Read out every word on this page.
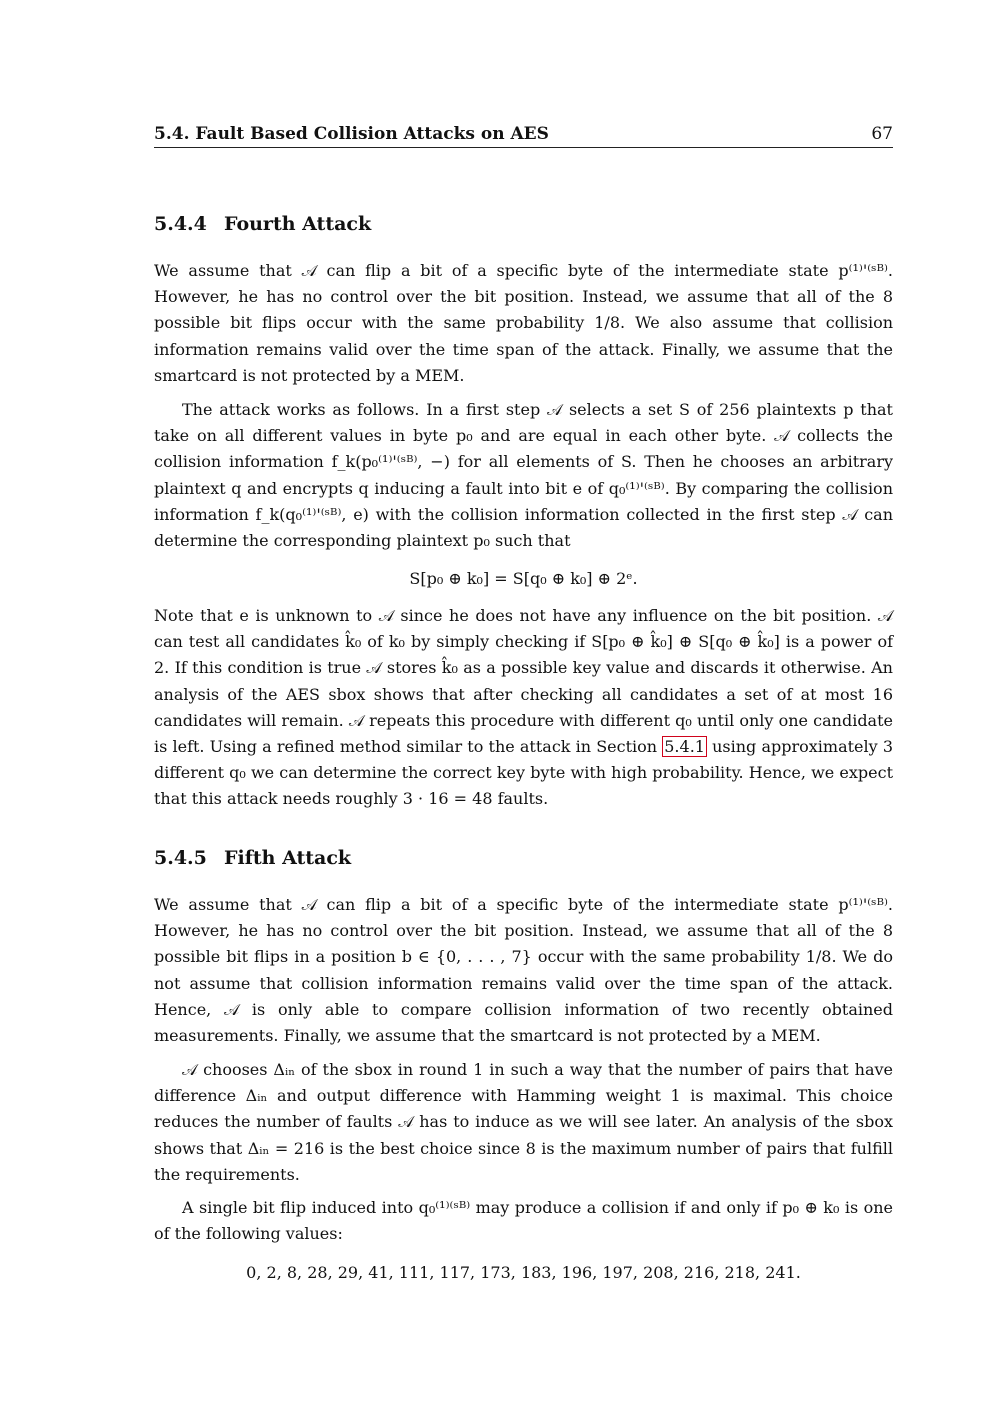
5.4. Fault Based Collision Attacks on AES	67
5.4.4 Fourth Attack

We assume that 𝒜 can flip a bit of a specific byte of the intermediate state p⁽¹⁾'⁽ˢᴮ⁾. However, he has no control over the bit position. Instead, we assume that all of the 8 possible bit flips occur with the same probability 1/8. We also assume that collision information remains valid over the time span of the attack. Finally, we assume that the smartcard is not protected by a MEM.

The attack works as follows. In a first step 𝒜 selects a set S of 256 plaintexts p that take on all different values in byte p₀ and are equal in each other byte. 𝒜 collects the collision information f_k(p₀⁽¹⁾'⁽ˢᴮ⁾, −) for all elements of S. Then he chooses an arbitrary plaintext q and encrypts q inducing a fault into bit e of q₀⁽¹⁾'⁽ˢᴮ⁾. By comparing the collision information f_k(q₀⁽¹⁾'⁽ˢᴮ⁾, e) with the collision information collected in the first step 𝒜 can determine the corresponding plaintext p₀ such that

S[p₀ ⊕ k₀] = S[q₀ ⊕ k₀] ⊕ 2ᵉ.

Note that e is unknown to 𝒜 since he does not have any influence on the bit position. 𝒜 can test all candidates k̂₀ of k₀ by simply checking if S[p₀ ⊕ k̂₀] ⊕ S[q₀ ⊕ k̂₀] is a power of 2. If this condition is true 𝒜 stores k̂₀ as a possible key value and discards it otherwise. An analysis of the AES sbox shows that after checking all candidates a set of at most 16 candidates will remain. 𝒜 repeats this procedure with different q₀ until only one candidate is left. Using a refined method similar to the attack in Section 5.4.1 using approximately 3 different q₀ we can determine the correct key byte with high probability. Hence, we expect that this attack needs roughly 3 · 16 = 48 faults.

5.4.5 Fifth Attack

We assume that 𝒜 can flip a bit of a specific byte of the intermediate state p⁽¹⁾'⁽ˢᴮ⁾. However, he has no control over the bit position. Instead, we assume that all of the 8 possible bit flips in a position b ∈ {0, . . . , 7} occur with the same probability 1/8. We do not assume that collision information remains valid over the time span of the attack. Hence, 𝒜 is only able to compare collision information of two recently obtained measurements. Finally, we assume that the smartcard is not protected by a MEM.

𝒜 chooses Δᵢₙ of the sbox in round 1 in such a way that the number of pairs that have difference Δᵢₙ and output difference with Hamming weight 1 is maximal. This choice reduces the number of faults 𝒜 has to induce as we will see later. An analysis of the sbox shows that Δᵢₙ = 216 is the best choice since 8 is the maximum number of pairs that fulfill the requirements.

A single bit flip induced into q₀⁽¹⁾⁽ˢᴮ⁾ may produce a collision if and only if p₀ ⊕ k₀ is one of the following values:

0, 2, 8, 28, 29, 41, 111, 117, 173, 183, 196, 197, 208, 216, 218, 241.
